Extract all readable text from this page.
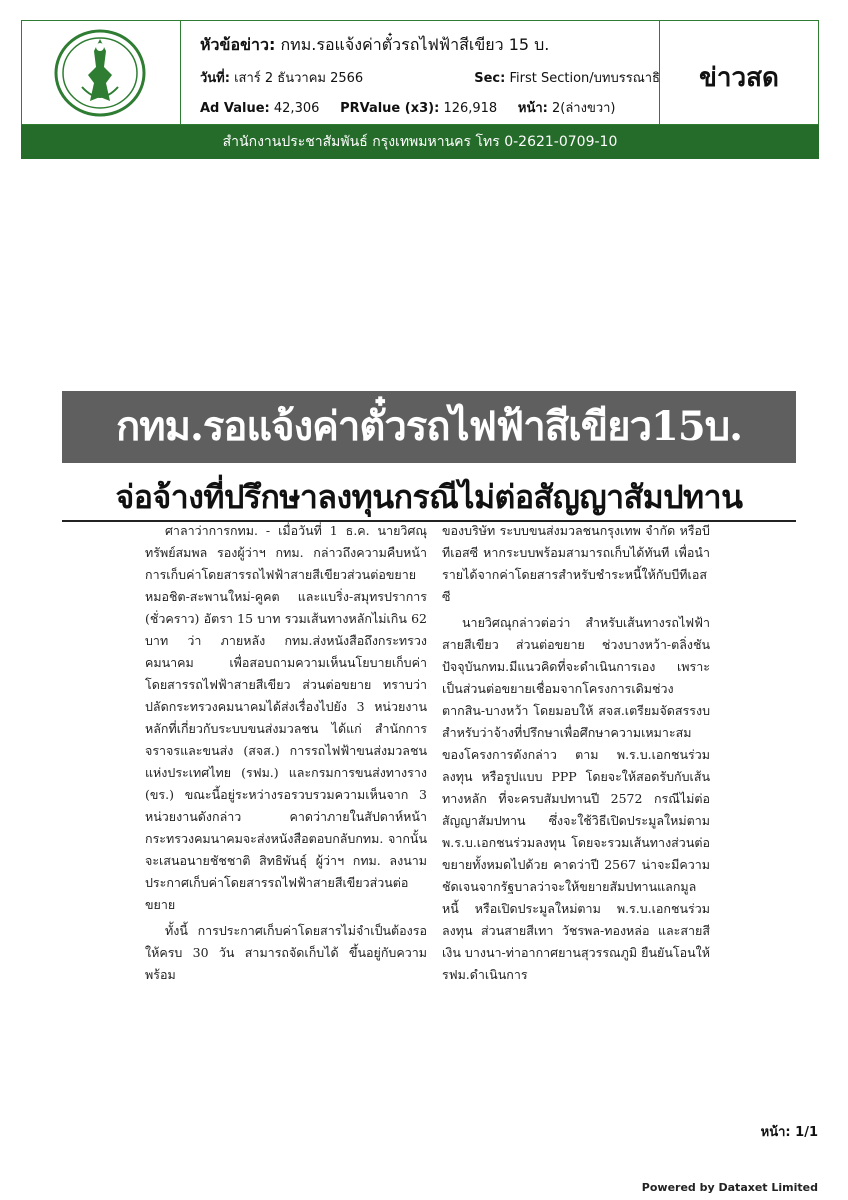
หัวข้อข่าว: กทม.รอแจ้งค่าตั๋วรถไฟฟ้าสีเขียว 15 บ.
วันที่: เสาร์ 2 ธันวาคม 2566	Sec: First Section/บทบรรณาธิ
Ad Value: 42,306 PRValue (x3): 126,918 หน้า: 2(ล่างขวา)
ข่าวสด
สำนักงานประชาสัมพันธ์ กรุงเทพมหานคร โทร 0-2621-0709-10
กทม.รอแจ้งค่าตั๋วรถไฟฟ้าสีเขียว15บ.
จ่อจ้างที่ปรึกษาลงทุนกรณีไม่ต่อสัญญาสัมปทาน

ศาลาว่าการกทม. - เมื่อวันที่ 1 ธ.ค. นายวิศณุ ทรัพย์สมพล รองผู้ว่าฯ กทม. กล่าวถึงความคืบหน้าการเก็บค่าโดยสารรถไฟฟ้าสายสีเขียวส่วนต่อขยาย หมอชิต-สะพานใหม่-คูคต และแบริ่ง-สมุทรปราการ (ชั่วคราว) อัตรา 15 บาท รวมเส้นทางหลักไม่เกิน 62 บาท ว่า ภายหลัง กทม.ส่งหนังสือถึงกระทรวงคมนาคม เพื่อสอบถามความเห็นนโยบายเก็บค่าโดยสารรถไฟฟ้าสายสีเขียว ส่วนต่อขยาย ทราบว่าปลัดกระทรวงคมนาคมได้ส่งเรื่องไปยัง 3 หน่วยงานหลักที่เกี่ยวกับระบบขนส่งมวลชน ได้แก่ สำนักการจราจรและขนส่ง (สจส.) การรถไฟฟ้าขนส่งมวลชนแห่งประเทศไทย (รฟม.) และกรมการขนส่งทางราง (ขร.) ขณะนี้อยู่ระหว่างรอรวบรวมความเห็นจาก 3 หน่วยงานดังกล่าว คาดว่าภายในสัปดาห์หน้ากระทรวงคมนาคมจะส่งหนังสือตอบกลับกทม. จากนั้นจะเสนอนายชัชชาติ สิทธิพันธุ์ ผู้ว่าฯ กทม. ลงนามประกาศเก็บค่าโดยสารรถไฟฟ้าสายสีเขียวส่วนต่อขยาย

ทั้งนี้ การประกาศเก็บค่าโดยสารไม่จำเป็นต้องรอให้ครบ 30 วัน สามารถจัดเก็บได้ ขึ้นอยู่กับความพร้อม

ของบริษัท ระบบขนส่งมวลชนกรุงเทพ จำกัด หรือบีทีเอสซี หากระบบพร้อมสามารถเก็บได้ทันที เพื่อนำรายได้จากค่าโดยสารสำหรับชำระหนี้ให้กับบีทีเอสซี

นายวิศณุกล่าวต่อว่า สำหรับเส้นทางรถไฟฟ้าสายสีเขียว ส่วนต่อขยาย ช่วงบางหว้า-ตลิ่งชัน ปัจจุบันกทม.มีแนวคิดที่จะดำเนินการเอง เพราะเป็นส่วนต่อขยายเชื่อมจากโครงการเดิมช่วงตากสิน-บางหว้า โดยมอบให้ สจส.เตรียมจัดสรรงบสำหรับว่าจ้างที่ปรึกษาเพื่อศึกษาความเหมาะสมของโครงการดังกล่าว ตาม พ.ร.บ.เอกชนร่วมลงทุน หรือรูปแบบ PPP โดยจะให้สอดรับกับเส้นทางหลัก ที่จะครบสัมปทานปี 2572 กรณีไม่ต่อสัญญาสัมปทาน ซึ่งจะใช้วิธีเปิดประมูลใหม่ตาม พ.ร.บ.เอกชนร่วมลงทุน โดยจะรวมเส้นทางส่วนต่อขยายทั้งหมดไปด้วย คาดว่าปี 2567 น่าจะมีความชัดเจนจากรัฐบาลว่าจะให้ขยายสัมปทานแลกมูลหนี้ หรือเปิดประมูลใหม่ตาม พ.ร.บ.เอกชนร่วมลงทุน ส่วนสายสีเทา วัชรพล-ทองหล่อ และสายสีเงิน บางนา-ท่าอากาศยานสุวรรณภูมิ ยืนยันโอนให้ รฟม.ดำเนินการ

หน้า: 1/1
Powered by Dataxet Limited
